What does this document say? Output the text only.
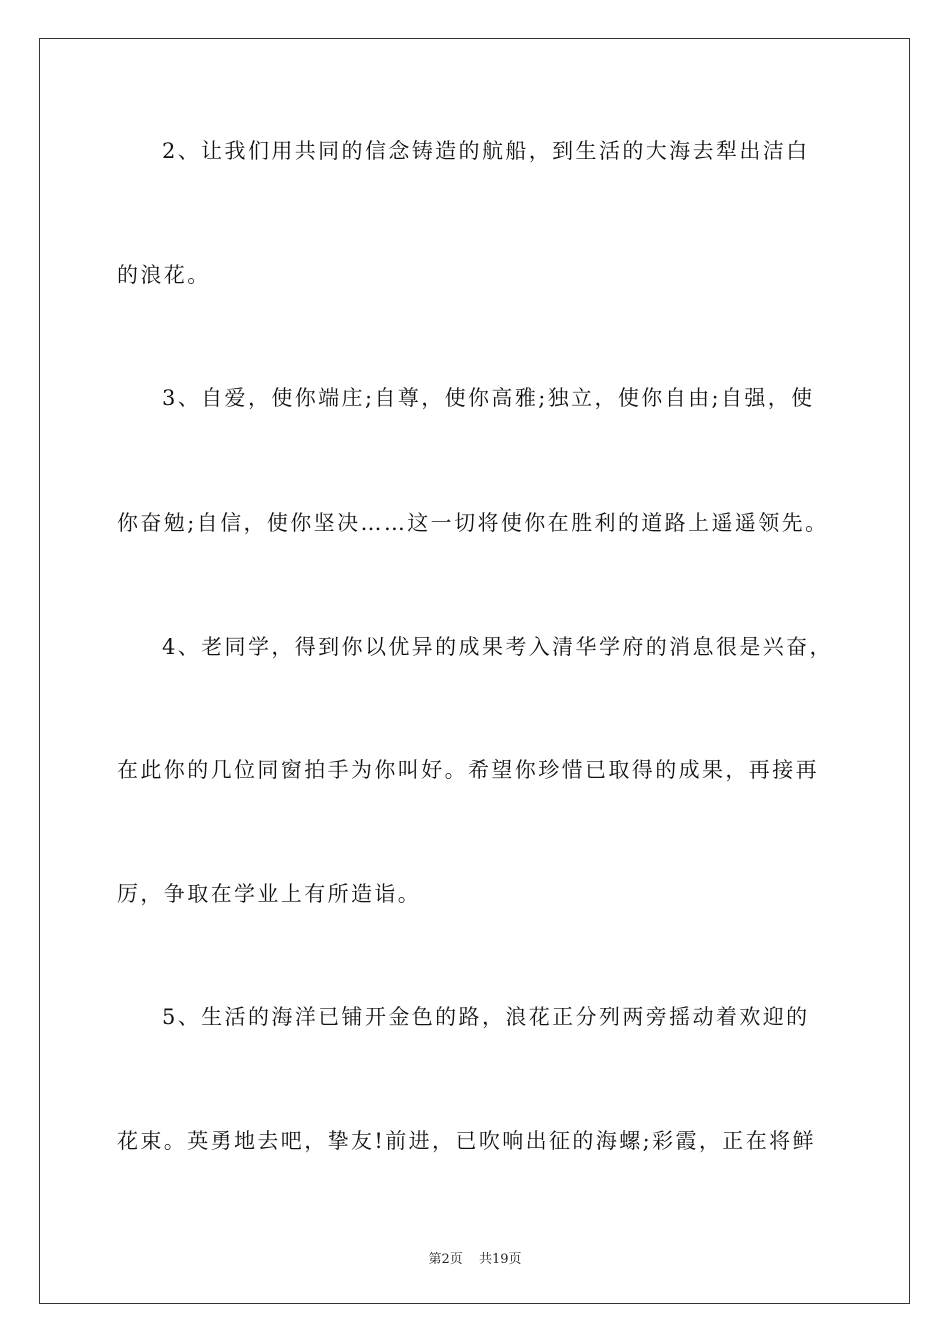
2、让我们用共同的信念铸造的航船，到生活的大海去犁出洁白
的浪花。
3、自爱，使你端庄;自尊，使你高雅;独立，使你自由;自强，使
你奋勉;自信，使你坚决……这一切将使你在胜利的道路上遥遥领先。
4、老同学，得到你以优异的成果考入清华学府的消息很是兴奋，
在此你的几位同窗拍手为你叫好。希望你珍惜已取得的成果，再接再
厉，争取在学业上有所造诣。
5、生活的海洋已铺开金色的路，浪花正分列两旁摇动着欢迎的
花束。英勇地去吧，挚友!前进，已吹响出征的海螺;彩霞，正在将鲜
第2页 共19页
